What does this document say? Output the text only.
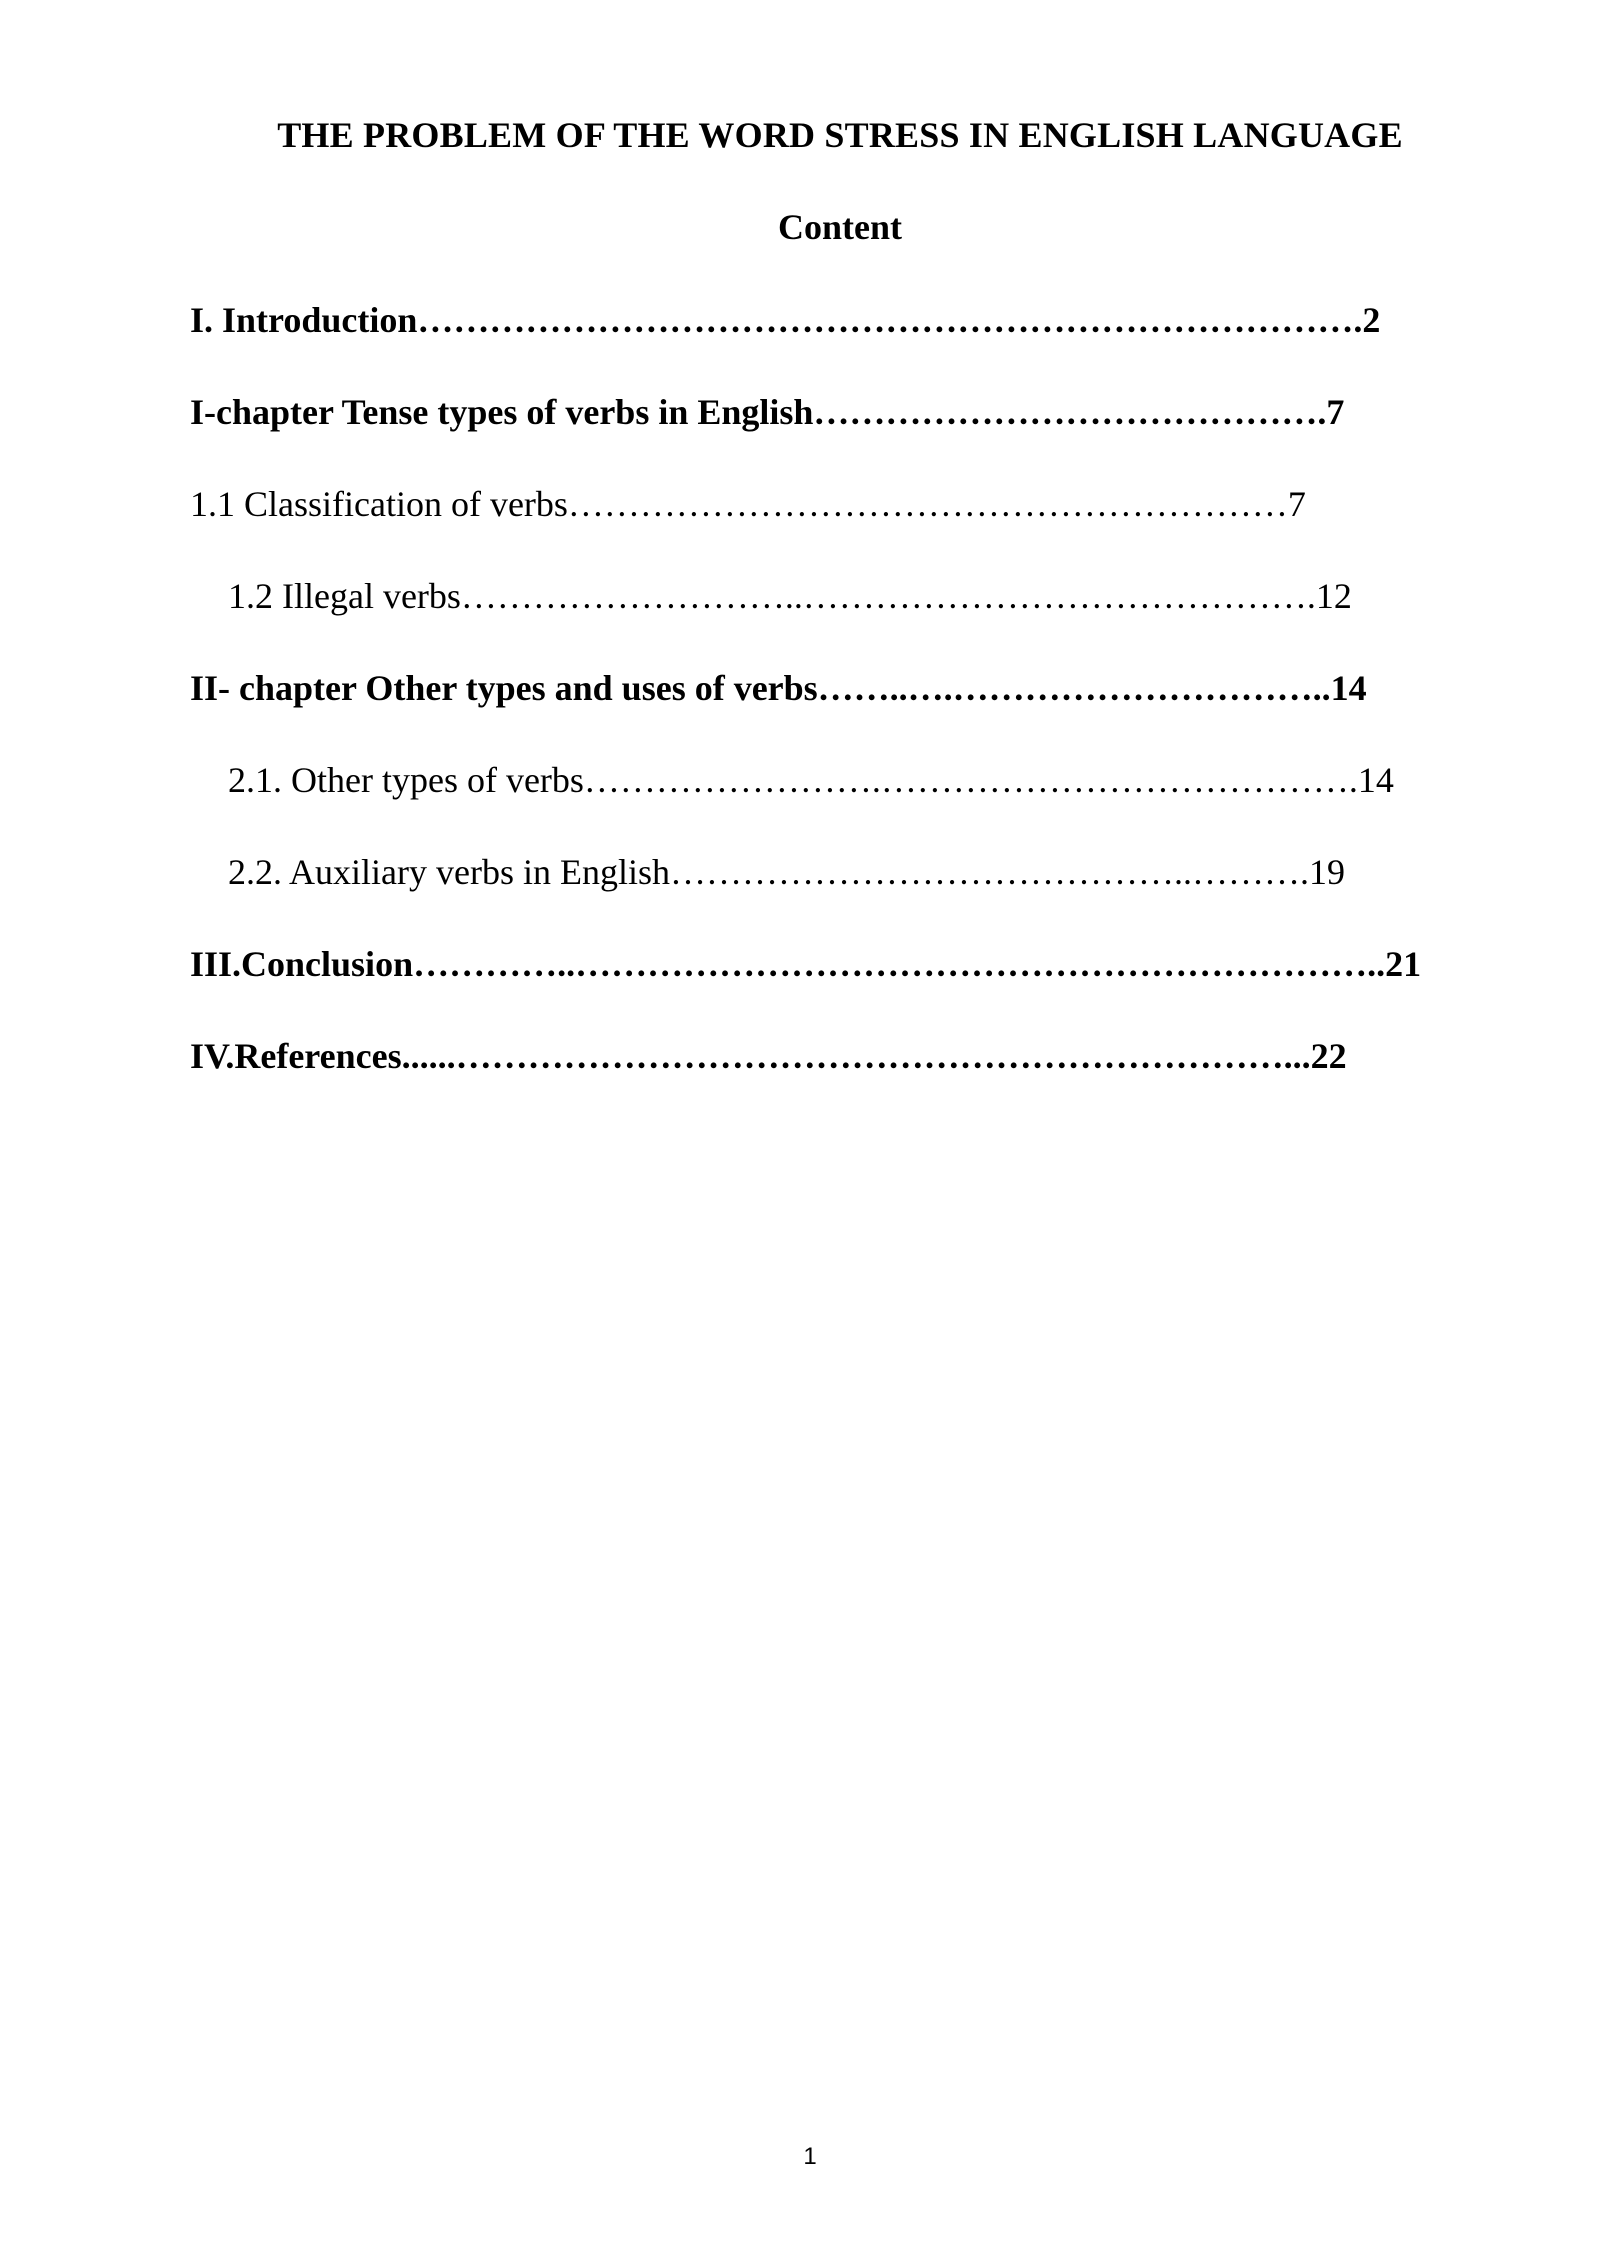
THE PROBLEM OF THE WORD STRESS IN ENGLISH LANGUAGE
Content
I. Introduction…………………………………………………………………….2
I-chapter Tense types of verbs in English…………………………………….7
1.1 Classification of verbs……………………………………………………7
1.2 Illegal verbs………………………..…………………………………….12
II- chapter Other types and uses of verbs……..….…………………………..14
2.1. Other types of verbs…………………….………………………………….14
2.2. Auxiliary verbs in English……………………………………..……….19
III.Conclusion…………..…………………………………………………………..21
IV.References......……………………………………………………………...22
1
